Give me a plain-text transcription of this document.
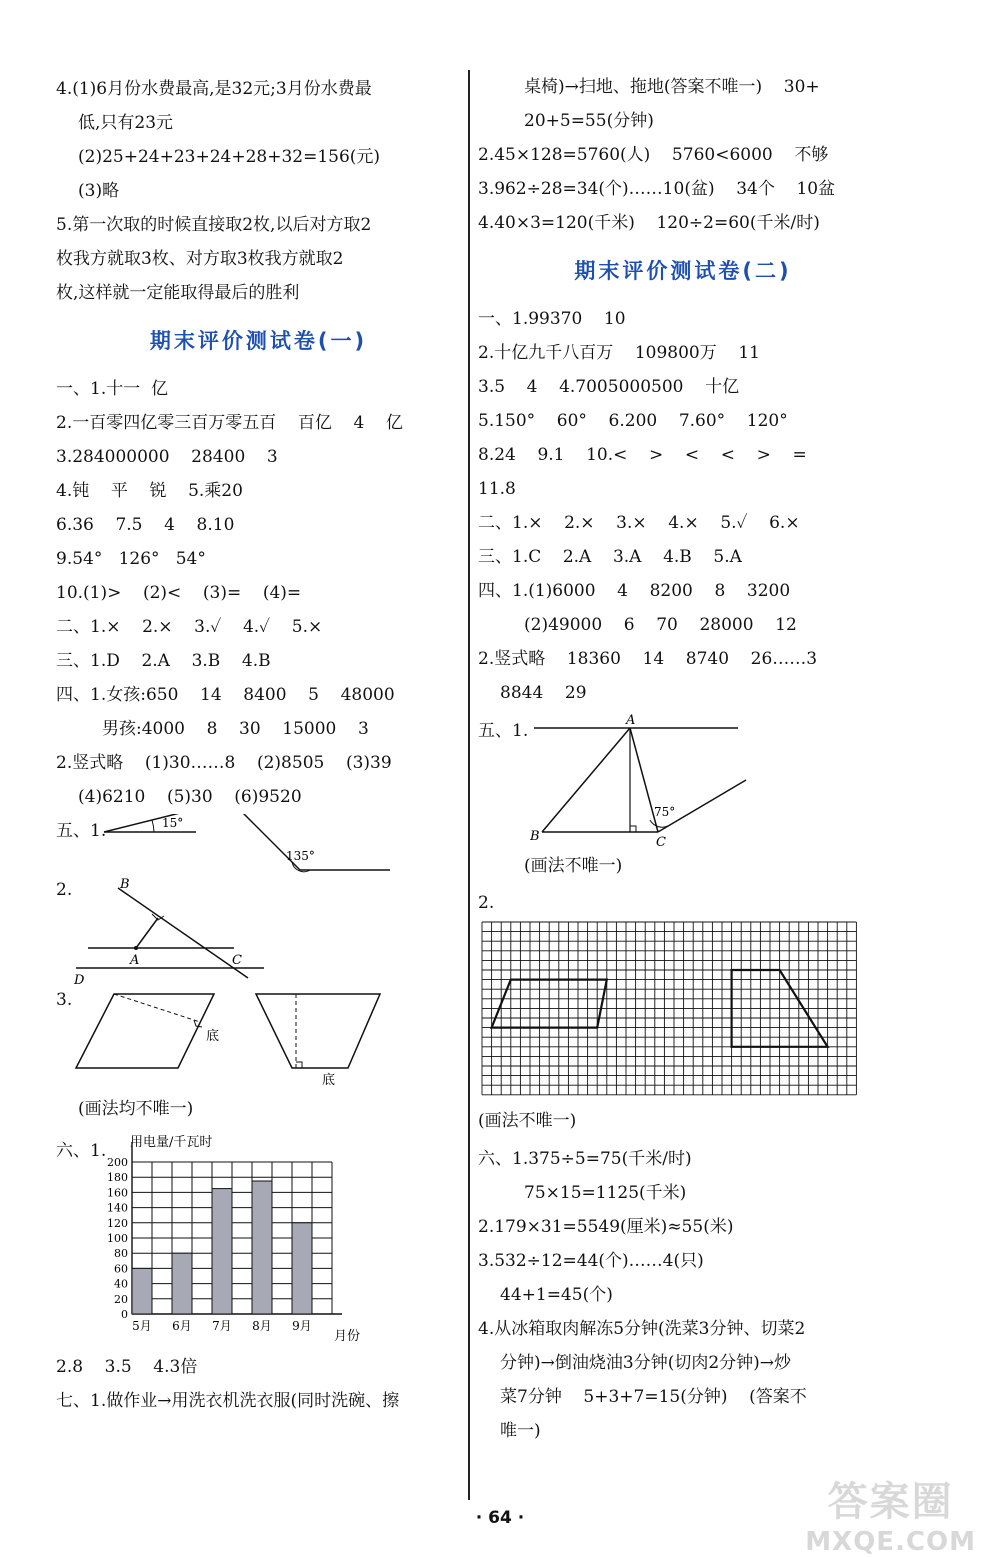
4.(1)6月份水费最高,是32元;3月份水费最
低,只有23元
(2)25+24+23+24+28+32=156(元)
(3)略
5.第一次取的时候直接取2枚,以后对方取2
枚我方就取3枚、对方取3枚我方就取2
枚,这样就一定能取得最后的胜利
期末评价测试卷(一)
一、1.十一  亿
2.一百零四亿零三百万零五百    百亿    4    亿
3.284000000    28400    3
4.钝    平    锐    5.乘20
6.36    7.5    4    8.10
9.54°   126°   54°
10.(1)>    (2)<    (3)=    (4)=
二、1.×    2.×    3.✓    4.✓    5.×
三、1.D    2.A    3.B    4.B
四、1.女孩:650    14    8400    5    48000
男孩:4000    8    30    15000    3
2.竖式略    (1)30……8    (2)8505    (3)39
(4)6210    (5)30    (6)9520
五、1.	15°
135°
2.	B
A	C
D
3.
底
底
(画法均不唯一)
六、1. 用电量/千瓦时
月份
0
20
40
60
80
100
120
140
160
180
200
5月 6月 7月 8月 9月
2.8    3.5    4.3倍
七、1.做作业→用洗衣机洗衣服(同时洗碗、擦
桌椅)→扫地、拖地(答案不唯一)    30+
20+5=55(分钟)
2.45×128=5760(人)    5760<6000    不够
3.962÷28=34(个)……10(盆)    34个    10盆
4.40×3=120(千米)    120÷2=60(千米/时)
期末评价测试卷(二)
一、1.99370    10
2.十亿九千八百万    109800万    11
3.5    4    4.7005000500    十亿
5.150°    60°    6.200    7.60°    120°
8.24    9.1    10.<    >    <    <    >    =
11.8
二、1.×    2.×    3.×    4.×    5.✓    6.×
三、1.C    2.A    3.A    4.B    5.A
四、1.(1)6000    4    8200    8    3200
(2)49000    6    70    28000    12
2.竖式略    18360    14    8740    26……3
8844    29
五、1.
A
B	C
75°
(画法不唯一)
2.
(画法不唯一)
六、1.375÷5=75(千米/时)
75×15=1125(千米)
2.179×31=5549(厘米)≈55(米)
3.532÷12=44(个)……4(只)
44+1=45(个)
4.从冰箱取肉解冻5分钟(洗菜3分钟、切菜2
分钟)→倒油烧油3分钟(切肉2分钟)→炒
菜7分钟    5+3+7=15(分钟)    (答案不
唯一)
· 64 ·	答案圈
MXQE.COM
